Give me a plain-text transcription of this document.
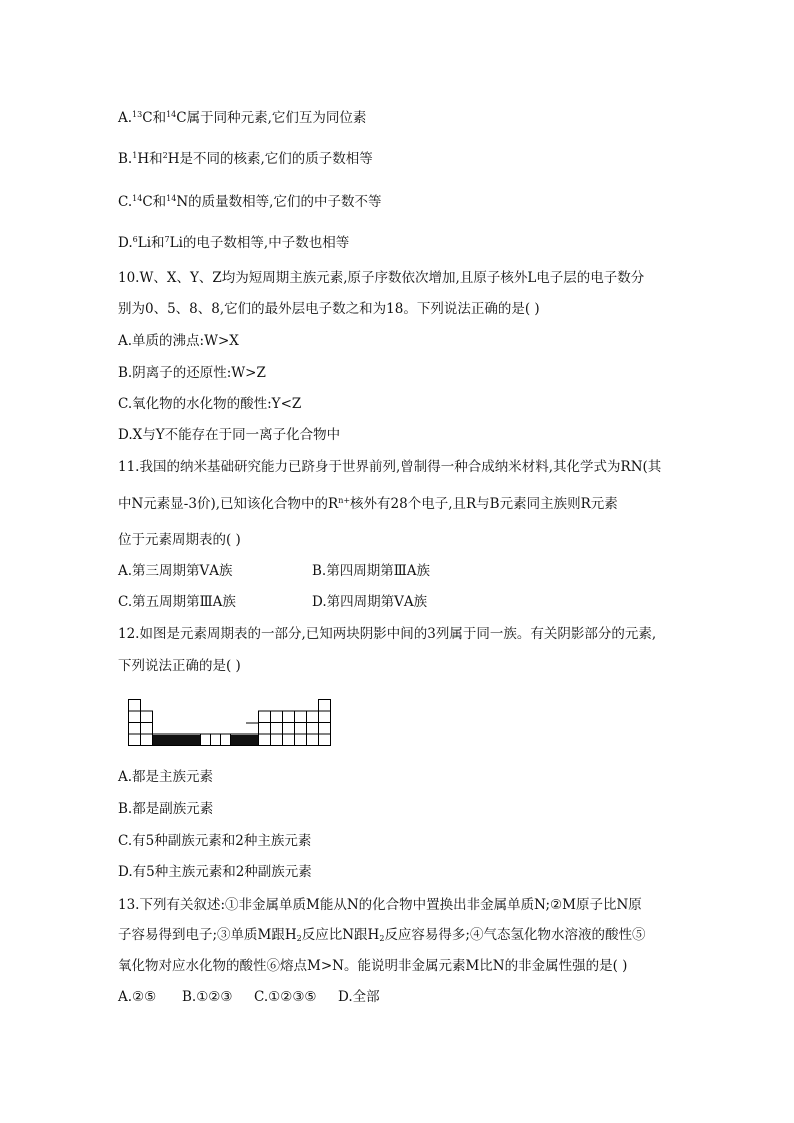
A.$^{13}$C和$^{14}$C属于同种元素,它们互为同位素
B.$^1$H和$^2$H是不同的核素,它们的质子数相等
C.$^{14}$C和$^{14}$N的质量数相等,它们的中子数不等
D.$^6$Li和$^7$Li的电子数相等,中子数也相等
10.W、X、Y、Z均为短周期主族元素,原子序数依次增加,且原子核外L电子层的电子数分
别为0、5、8、8,它们的最外层电子数之和为18。下列说法正确的是( )
A.单质的沸点:W>X
B.阴离子的还原性:W>Z
C.氧化物的水化物的酸性:Y<Z
D.X与Y不能存在于同一离子化合物中
11.我国的纳米基础研究能力已跻身于世界前列,曾制得一种合成纳米材料,其化学式为RN(其
中N元素显-3价),已知该化合物中的$R^{n+}$核外有28个电子,且R与B元素同主族则R元素
位于元素周期表的( )
A.第三周期第ⅤA族	B.第四周期第ⅢA族
C.第五周期第ⅢA族	D.第四周期第ⅤA族
12.如图是元素周期表的一部分,已知两块阴影中间的3列属于同一族。有关阴影部分的元素,
下列说法正确的是( )
A.都是主族元素
B.都是副族元素
C.有5种副族元素和2种主族元素
D.有5种主族元素和2种副族元素
13.下列有关叙述:①非金属单质M能从N的化合物中置换出非金属单质N;②M原子比N原
子容易得到电子;③单质M跟$H_2$反应比N跟$H_2$反应容易得多;④气态氢化物水溶液的酸性⑤
氧化物对应水化物的酸性⑥熔点M>N。能说明非金属元素M比N的非金属性强的是( )
A.②⑤      B.①②③     C.①②③⑤     D.全部
